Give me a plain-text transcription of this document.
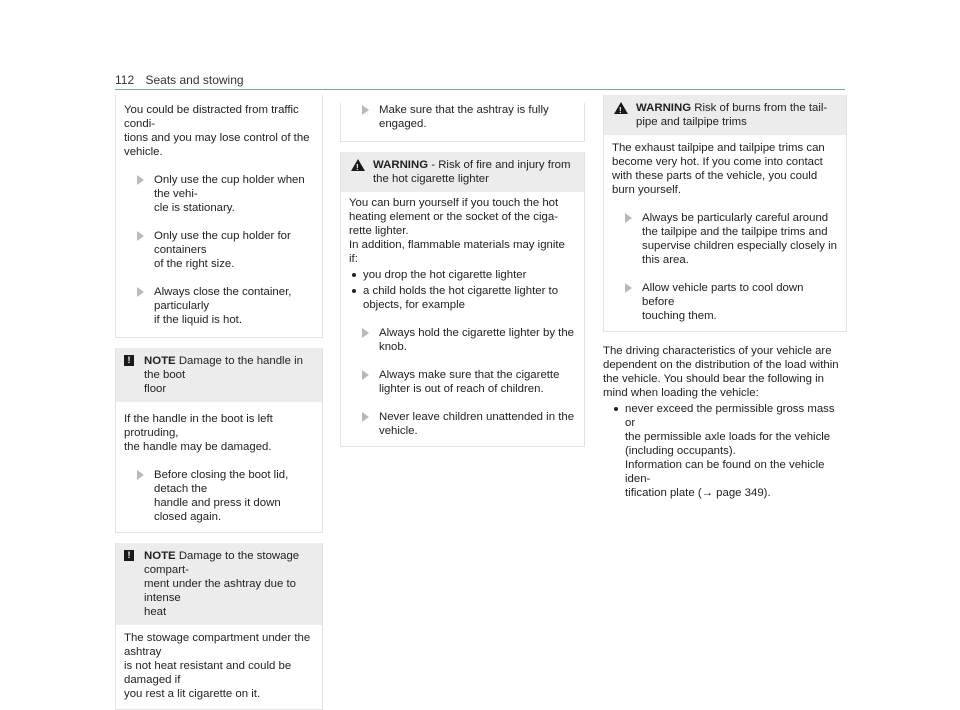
112 Seats and stowing

You could be distracted from traffic condi-

tions and you may lose control of the vehicle.

Only use the cup holder when the vehi-

cle is stationary.

Only use the cup holder for containers

of the right size.

Always close the container, particularly

if the liquid is hot.

!	NOTE Damage to the handle in the boot

floor

If the handle in the boot is left protruding,

the handle may be damaged.

Before closing the boot lid, detach the

handle and press it down closed again.

!	NOTE Damage to the stowage compart-

ment under the ashtray due to intense

heat

The stowage compartment under the ashtray

is not heat resistant and could be damaged if

you rest a lit cigarette on it.

Make sure that the ashtray is fully

engaged.

!

WARNING - Risk of fire and injury from

the hot cigarette lighter

You can burn yourself if you touch the hot

heating element or the socket of the ciga-

rette lighter.

In addition, flammable materials may ignite

if:

you drop the hot cigarette lighter

a child holds the hot cigarette lighter to

objects, for example

Always hold the cigarette lighter by the

knob.

Always make sure that the cigarette

lighter is out of reach of children.

Never leave children unattended in the

vehicle.

!

WARNING Risk of burns from the tail-

pipe and tailpipe trims

The exhaust tailpipe and tailpipe trims can

become very hot. If you come into contact

with these parts of the vehicle, you could

burn yourself.

Always be particularly careful around

the tailpipe and the tailpipe trims and

supervise children especially closely in

this area.

Allow vehicle parts to cool down before

touching them.

The driving characteristics of your vehicle are

dependent on the distribution of the load within

the vehicle. You should bear the following in

mind when loading the vehicle:

never exceed the permissible gross mass or

the permissible axle loads for the vehicle

(including occupants).

Information can be found on the vehicle iden-

tification plate (→ page 349).
